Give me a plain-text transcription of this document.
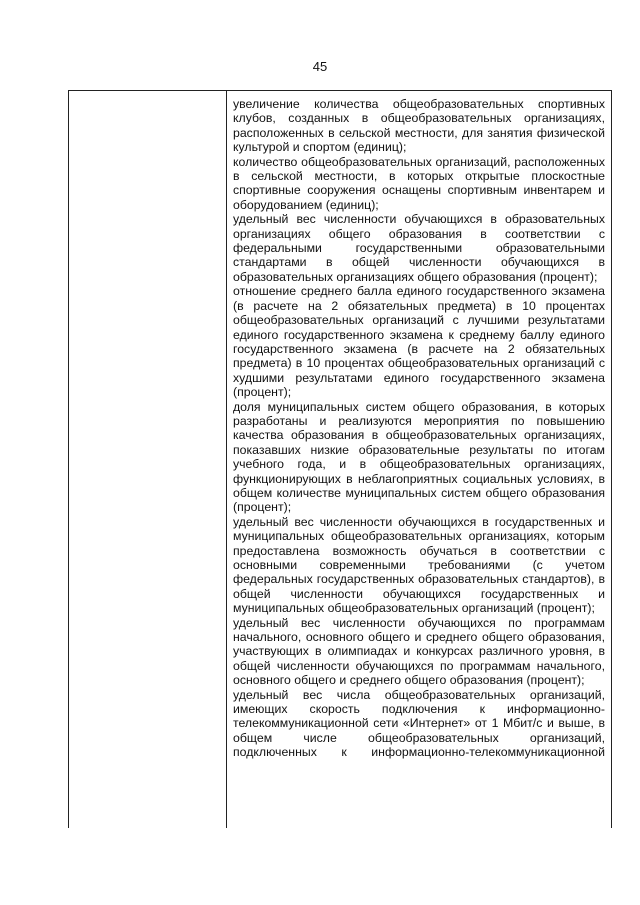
45

увеличение количества общеобразовательных спортивных клубов, созданных в общеобразовательных организациях, расположенных в сельской местности, для занятия физической культурой и спортом (единиц);

количество общеобразовательных организаций, расположенных в сельской местности, в которых открытые плоскостные спортивные сооружения оснащены спортивным инвентарем и оборудованием (единиц);

удельный вес численности обучающихся в образовательных организациях общего образования в соответствии с федеральными государственными образовательными стандартами в общей численности обучающихся в образовательных организациях общего образования (процент);

отношение среднего балла единого государственного экзамена (в расчете на 2 обязательных предмета) в 10 процентах общеобразовательных организаций с лучшими результатами единого государственного экзамена к среднему баллу единого государственного экзамена (в расчете на 2 обязательных предмета) в 10 процентах общеобразовательных организаций с худшими результатами единого государственного экзамена (процент);

доля муниципальных систем общего образования, в которых разработаны и реализуются мероприятия по повышению качества образования в общеобразовательных организациях, показавших низкие образовательные результаты по итогам учебного года, и в общеобразовательных организациях, функционирующих в неблагоприятных социальных условиях, в общем количестве муниципальных систем общего образования (процент);

удельный вес численности обучающихся в государственных и муниципальных общеобразовательных организациях, которым предоставлена возможность обучаться в соответствии с основными современными требованиями (с учетом федеральных государственных образовательных стандартов), в общей численности обучающихся государственных и муниципальных общеобразовательных организаций (процент);

удельный вес численности обучающихся по программам начального, основного общего и среднего общего образования, участвующих в олимпиадах и конкурсах различного уровня, в общей численности обучающихся по программам начального, основного общего и среднего общего образования (процент);

удельный вес числа общеобразовательных организаций, имеющих скорость подключения к информационно-телекоммуникационной сети «Интернет» от 1 Мбит/с и выше, в общем числе общеобразовательных организаций, подключенных к информационно-телекоммуникационной
